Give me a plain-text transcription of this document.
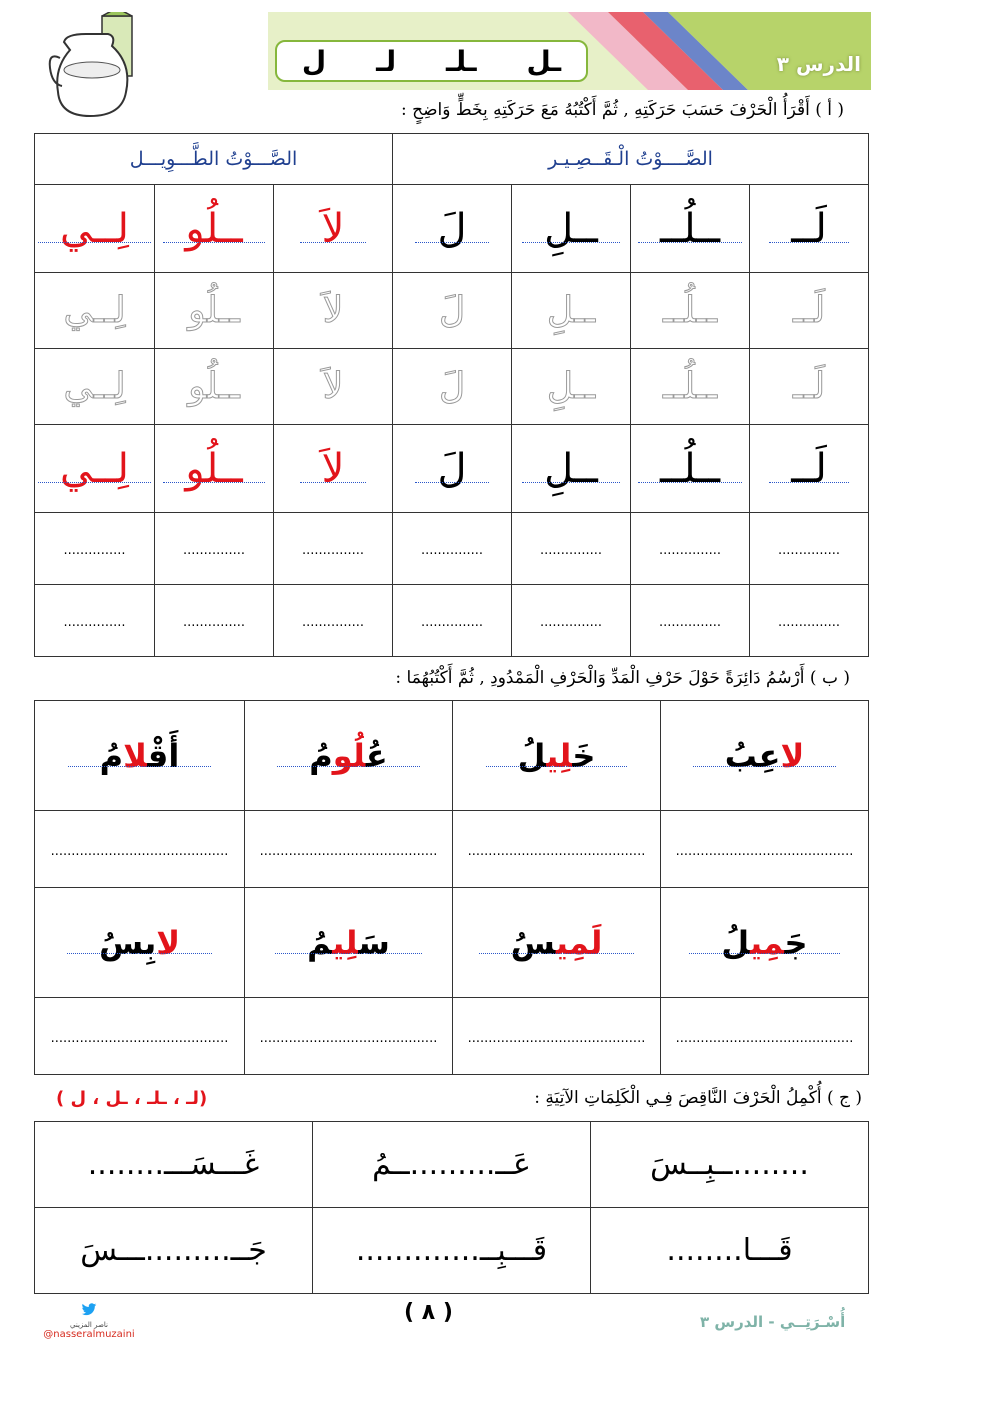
الدرس ٣
ـل
ـلـ
لـ
ل
( أ ) أَقْرَأُ الْحَرْفَ حَسَبَ حَرَكَتِهِ , ثُمَّ أَكْتُبُهُ مَعَ حَرَكَتِهِ بِخَطٍّ وَاضِحٍ :
الصَّــــوْتُ الْـقَــصِـيـر				الصَّـــوْتُ الطَّـــوِيـــل		
لَــ	ــلُــ	ــلِ	لَ	لاَ	ــلُو	لِــي
لَــ	ــلُــ	ــلِ	لَ	لاَ	ــلُو	لِــي
لَــ	ــلُــ	ــلِ	لَ	لاَ	ــلُو	لِــي
لَــ	ــلُــ	ــلِ	لَ	لاَ	ــلُو	لِــي
...............	...............	...............	...............	...............	...............	...............
...............	...............	...............	...............	...............	...............	...............
( ب ) أَرْسُمُ دَائِرَةً حَوْلَ حَرْفِ الْمَدِّ وَالْحَرْفِ الْمَمْدُودِ , ثُمَّ أَكْتُبُهُمَا :
لاعِبُ	خَلِيلُ	عُلُومُ	أَقْلامُ
...........................................	...........................................	...........................................	...........................................
جَمِيلُ	لَمِيسُ	سَلِيمُ	لابِسُ
...........................................	...........................................	...........................................	...........................................
( ج ) أُكْمِلُ الْحَرْفَ النَّاقِصَ فِـي الْكَلِمَاتِ الآتِيَةِ :
(لـ ، ـلـ ، ـل ، ل )
........ــبِــسَ	عَــ.........ــمُ	غَـــسَـــ........
قَـــا........	قَـــبِــ.............	جَــ.........ـــسَ
ناصر المزيني
@nasseralmuzaini
( ٨ )	أُسْـرَتِــي - الدرس ٣
